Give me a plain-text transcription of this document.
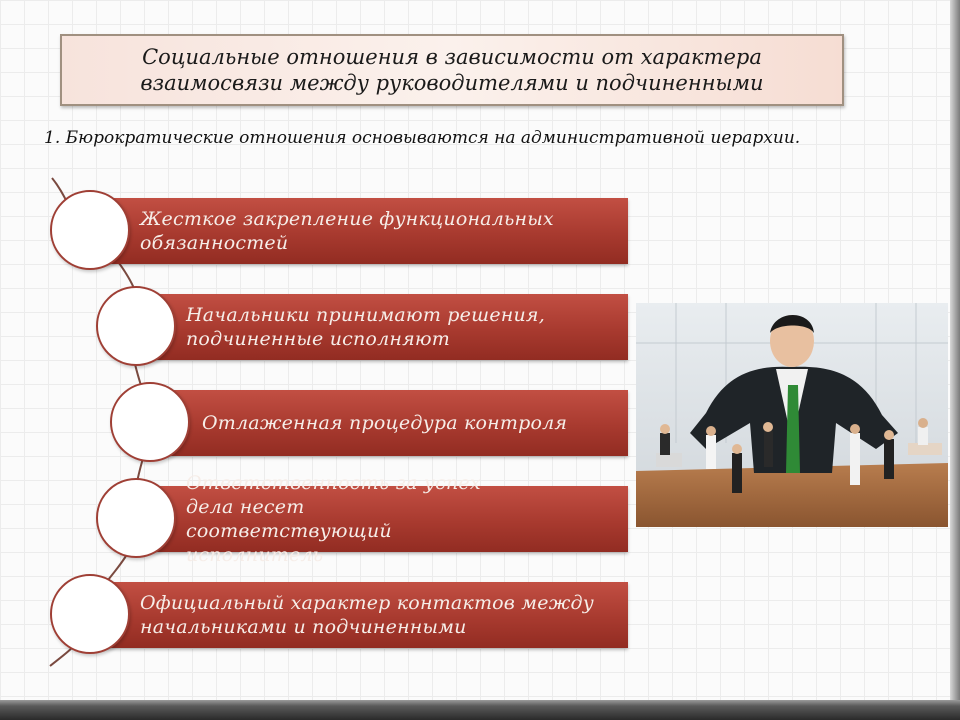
Социальные отношения в зависимости от характера взаимосвязи между руководителями и подчиненными
1. Бюрократические отношения основываются на административной иерархии.
Жесткое закрепление функциональных обязанностей
Начальники принимают решения, подчиненные исполняют
Отлаженная процедура контроля
Ответственность за успех дела несет соответствующий исполнитель
Официальный характер контактов между начальниками и подчиненными
